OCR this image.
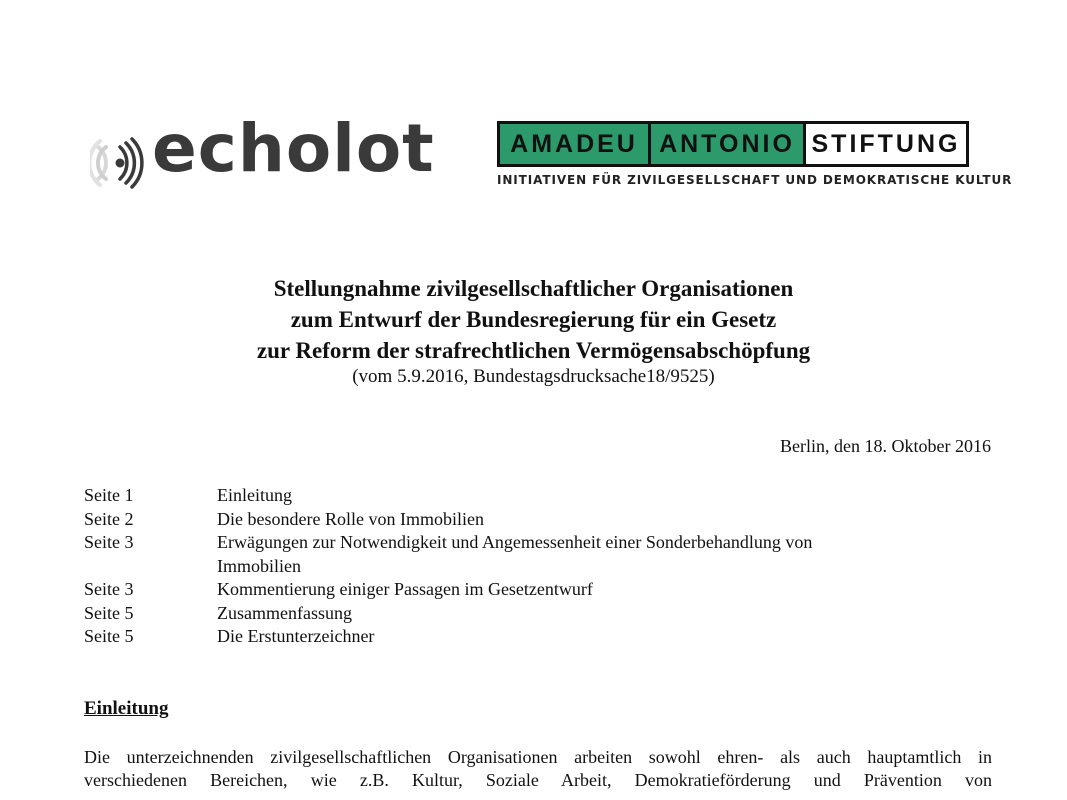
echolot	AMADEU ANTONIO STIFTUNG
INITIATIVEN FÜR ZIVILGESELLSCHAFT UND DEMOKRATISCHE KULTUR
Stellungnahme zivilgesellschaftlicher Organisationen
zum Entwurf der Bundesregierung für ein Gesetz
zur Reform der strafrechtlichen Vermögensabschöpfung
(vom 5.9.2016, Bundestagsdrucksache18/9525)
Berlin, den 18. Oktober 2016
Seite 1	Einleitung
Seite 2	Die besondere Rolle von Immobilien
Seite 3	Erwägungen zur Notwendigkeit und Angemessenheit einer Sonderbehandlung von
Immobilien
Seite 3	Kommentierung einiger Passagen im Gesetzentwurf
Seite 5	Zusammenfassung
Seite 5	Die Erstunterzeichner
Einleitung
Die unterzeichnenden zivilgesellschaftlichen Organisationen arbeiten sowohl ehren- als auch hauptamtlich in
verschiedenen Bereichen, wie z.B. Kultur, Soziale Arbeit, Demokratieförderung und Prävention von
